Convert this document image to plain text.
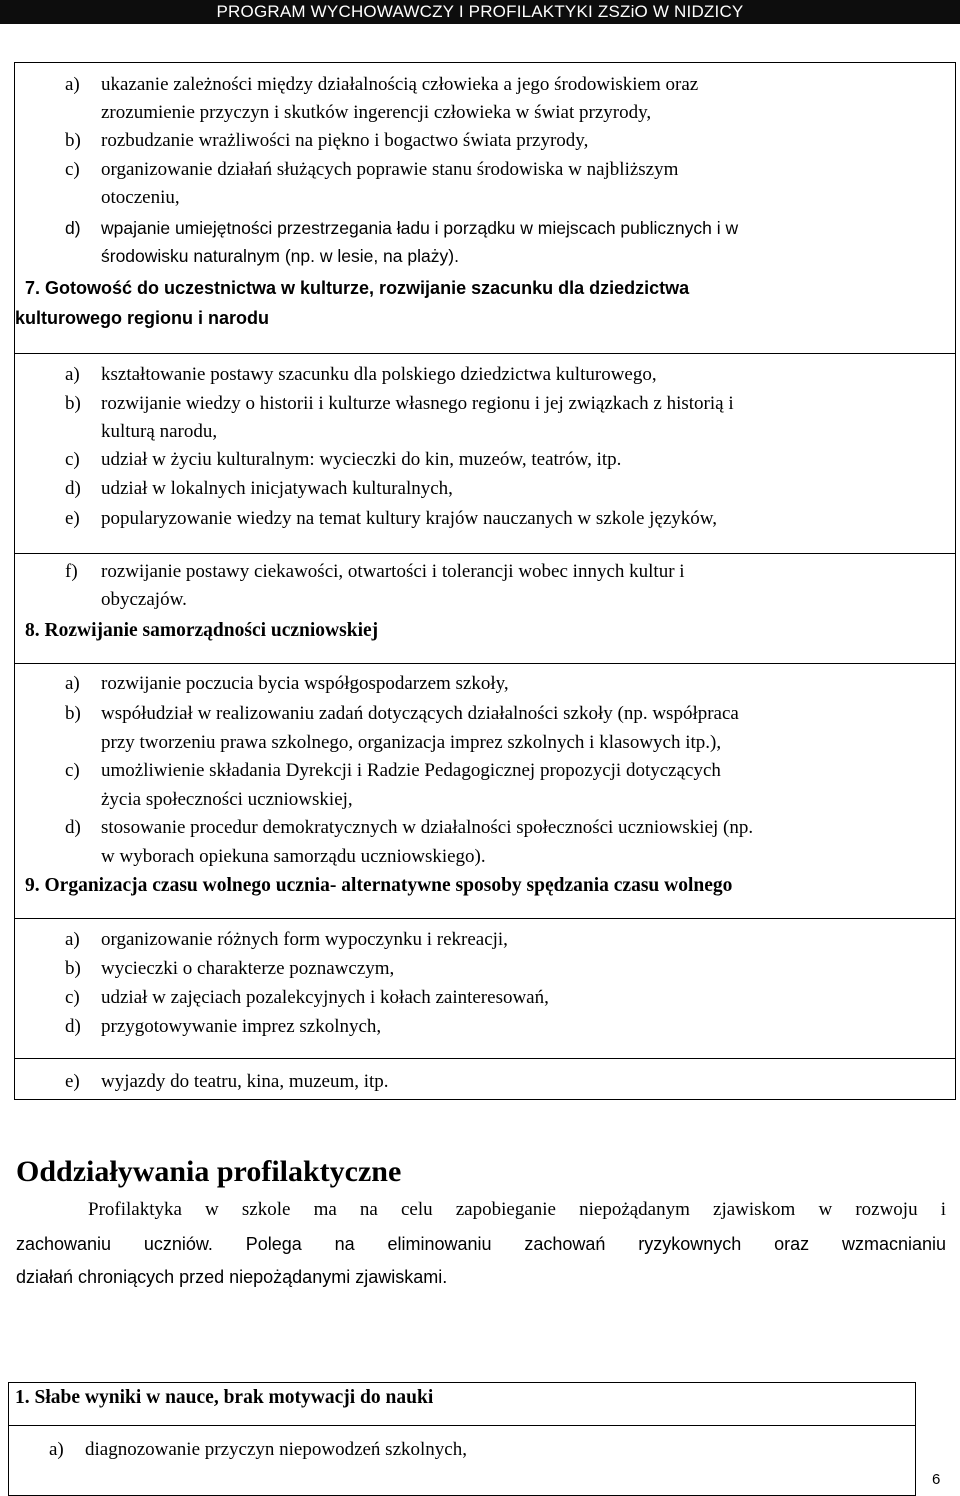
PROGRAM WYCHOWAWCZY I PROFILAKTYKI ZSZiO W NIDZICY
a)	ukazanie zależności między działalnością człowieka a jego środowiskiem oraz
zrozumienie przyczyn i skutków ingerencji człowieka w świat przyrody,
b)	rozbudzanie wrażliwości na piękno i bogactwo świata przyrody,
c)	organizowanie działań służących poprawie stanu środowiska w najbliższym
otoczeniu,
d)	wpajanie umiejętności przestrzegania ładu i porządku w miejscach publicznych i w
środowisku naturalnym (np. w lesie, na plaży).
7. Gotowość do uczestnictwa w kulturze, rozwijanie szacunku dla dziedzictwa
kulturowego regionu i narodu
a)	kształtowanie postawy szacunku dla polskiego dziedzictwa kulturowego,
b)	rozwijanie wiedzy o historii i kulturze własnego regionu i jej związkach z historią i
kulturą narodu,
c)	udział w życiu kulturalnym: wycieczki do kin, muzeów, teatrów, itp.
d)	udział w lokalnych inicjatywach kulturalnych,
e)	popularyzowanie wiedzy na temat kultury krajów nauczanych w szkole języków,
f)	rozwijanie postawy ciekawości, otwartości i tolerancji wobec innych kultur i
obyczajów.
8. Rozwijanie samorządności uczniowskiej
a)	rozwijanie poczucia bycia współgospodarzem szkoły,
b)	współudział w realizowaniu zadań dotyczących działalności szkoły (np. współpraca
przy tworzeniu prawa szkolnego, organizacja imprez szkolnych i klasowych itp.),
c)	umożliwienie składania Dyrekcji i Radzie Pedagogicznej propozycji dotyczących
życia społeczności uczniowskiej,
d)	stosowanie procedur demokratycznych w działalności społeczności uczniowskiej (np.
w wyborach opiekuna samorządu uczniowskiego).
9. Organizacja czasu wolnego ucznia- alternatywne sposoby spędzania czasu wolnego
a)	organizowanie różnych form wypoczynku i rekreacji,
b)	wycieczki o charakterze poznawczym,
c)	udział w zajęciach pozalekcyjnych i kołach zainteresowań,
d)	przygotowywanie imprez szkolnych,
e)	wyjazdy do teatru, kina, muzeum, itp.
Oddziaływania profilaktyczne
Profilaktyka w szkole ma na celu zapobieganie niepożądanym zjawiskom w rozwoju i
zachowaniu uczniów. Polega na eliminowaniu zachowań ryzykownych oraz wzmacnianiu
działań chroniących przed niepożądanymi zjawiskami.
1. Słabe wyniki w nauce, brak motywacji do nauki
a)	diagnozowanie przyczyn niepowodzeń szkolnych,
6
